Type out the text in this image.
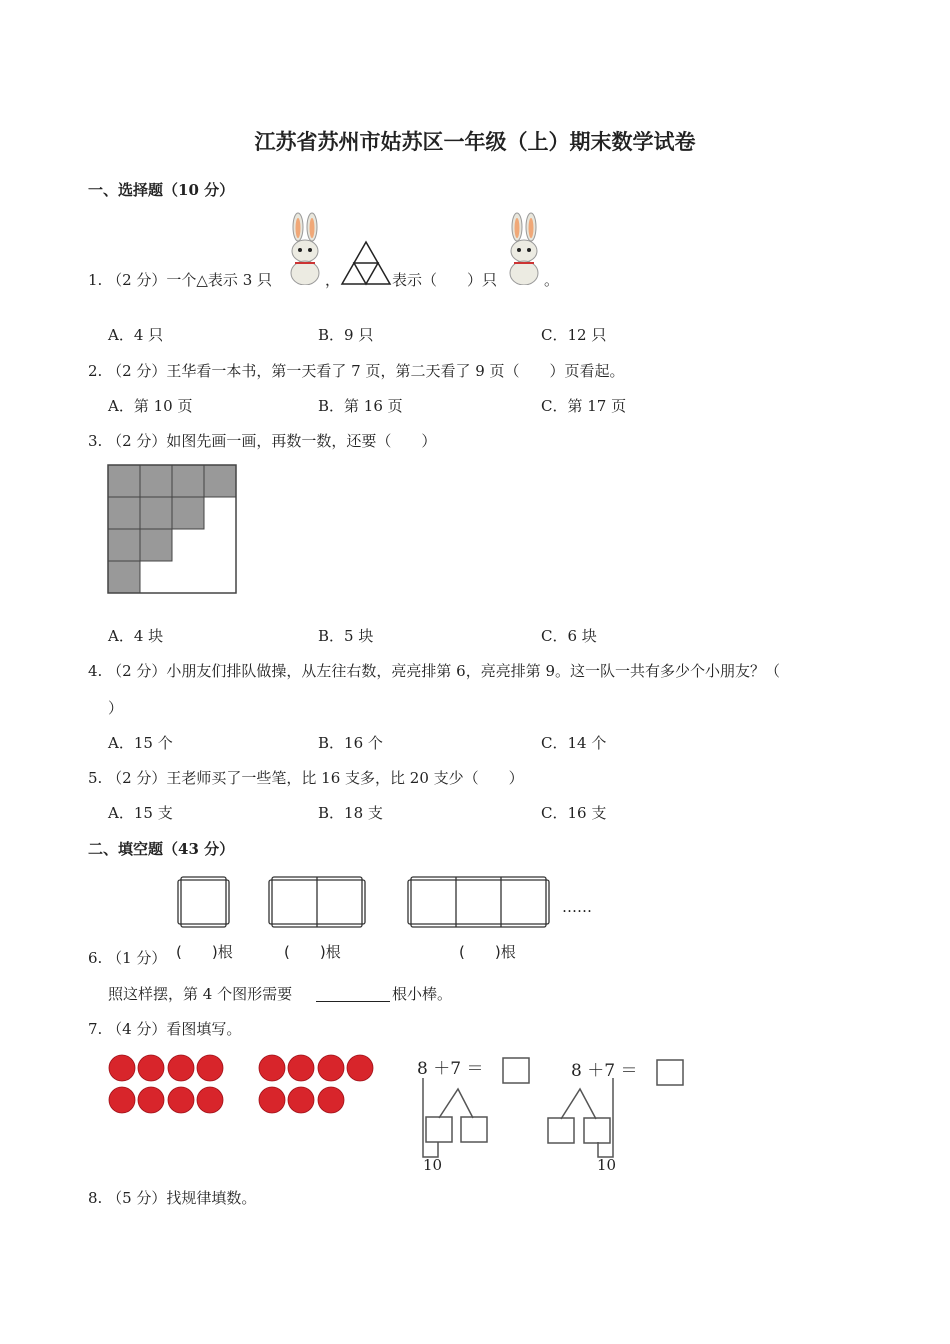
江苏省苏州市姑苏区一年级（上）期末数学试卷
一、选择题（10 分）
1. （2 分）一个△表示 3 只	，	表示（　　）只	。
A．4 只	B．9 只	C．12 只
2. （2 分）王华看一本书，第一天看了 7 页，第二天看了 9 页（　　）页看起。
A．第 10 页	B．第 16 页	C．第 17 页
3. （2 分）如图先画一画，再数一数，还要（　　）
A．4 块	B．5 块	C．6 块
4. （2 分）小朋友们排队做操，从左往右数，亮亮排第 6，亮亮排第 9。这一队一共有多少个小朋友？（
）
A．15 个	B．16 个	C．14 个
5. （2 分）王老师买了一些笔，比 16 支多，比 20 支少（　　）
A．15 支	B．18 支	C．16 支
二、填空题（43 分）
……
6. （1 分） (　　)根	(　　)根	(　　)根
照这样摆，第 4 个图形需要	根小棒。
7. （4 分）看图填写。
8 ＋7 ＝	8 ＋7 ＝
10	10
8. （5 分）找规律填数。
